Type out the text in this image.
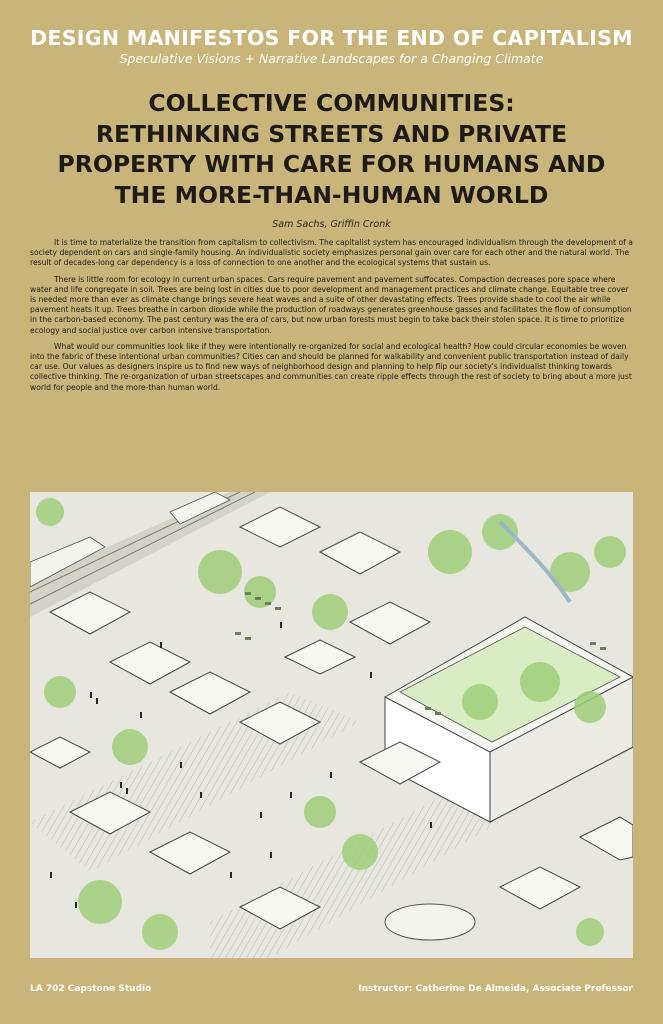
DESIGN MANIFESTOS FOR THE END OF CAPITALISM
Speculative Visions + Narrative Landscapes for a Changing Climate
COLLECTIVE COMMUNITIES:
RETHINKING STREETS AND PRIVATE
PROPERTY WITH CARE FOR HUMANS AND
THE MORE-THAN-HUMAN WORLD
Sam Sachs, Griffin Cronk

It is time to materialize the transition from capitalism to collectivism. The capitalist system has encouraged individualism through the development of a society dependent on cars and single-family housing. An individualistic society emphasizes personal gain over care for each other and the natural world. The result of decades-long car dependency is a loss of connection to one another and the ecological systems that sustain us.

There is little room for ecology in current urban spaces. Cars require pavement and pavement suffocates. Compaction decreases pore space where water and life congregate in soil. Trees are being lost in cities due to poor development and management practices and climate change. Equitable tree cover is needed more than ever as climate change brings severe heat waves and a suite of other devastating effects. Trees provide shade to cool the air while pavement heats it up. Trees breathe in carbon dioxide while the production of roadways generates greenhouse gasses and facilitates the flow of consumption in the carbon-based economy. The past century was the era of cars, but now urban forests must begin to take back their stolen space. It is time to prioritize ecology and social justice over carbon intensive transportation.

What would our communities look like if they were intentionally re-organized for social and ecological health? How could circular economies be woven into the fabric of these intentional urban communities? Cities can and should be planned for walkability and convenient public transportation instead of daily car use. Our values as designers inspire us to find new ways of neighborhood design and planning to help flip our society's individualist thinking towards collective thinking. The re-organization of urban streetscapes and communities can create ripple effects through the rest of society to bring about a more just world for people and the more-than human world.

LA 702 Capstone Studio	Instructor: Catherine De Almeida, Associate Professor
